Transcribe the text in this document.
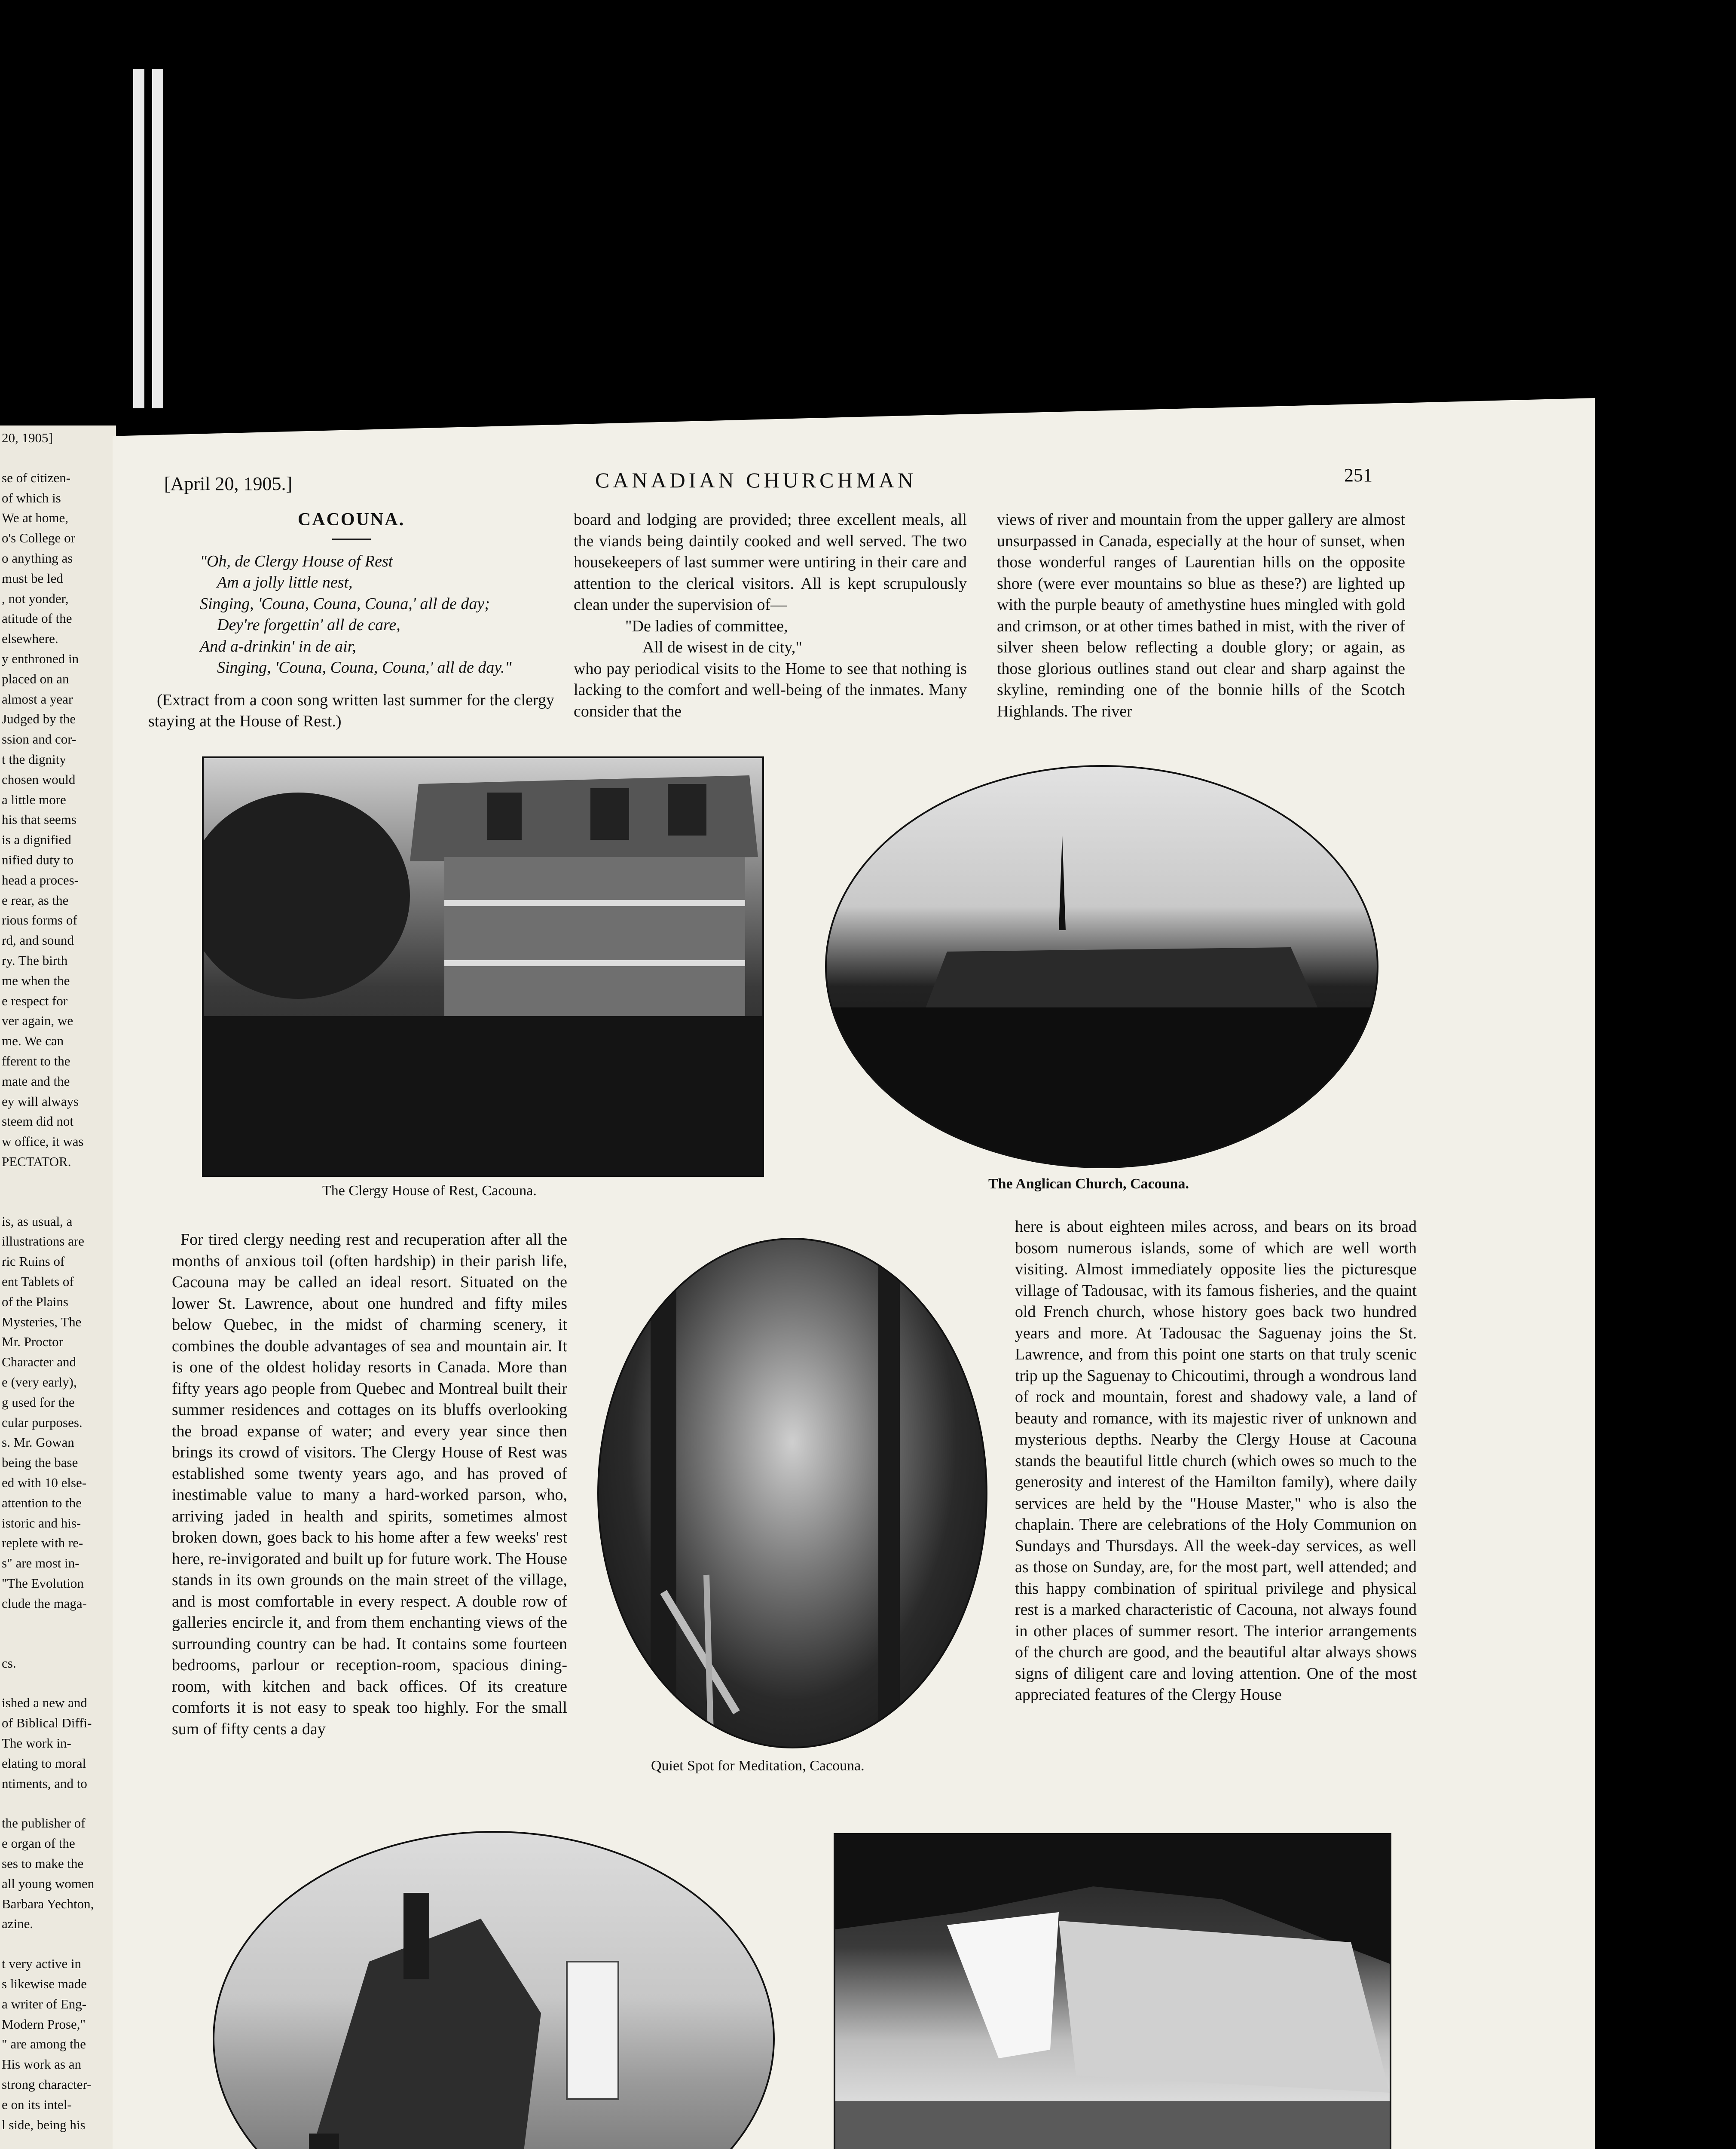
20, 1905]
se of citizen-
of which is
We at home,
o's College or
o anything as
must be led
, not yonder,
atitude of the
elsewhere.
y enthroned in
placed on an
almost a year
Judged by the
ssion and cor-
t the dignity
chosen would
a little more
his that seems
is a dignified
nified duty to
head a proces-
e rear, as the
rious forms of
rd, and sound
ry. The birth
me when the
e respect for
ver again, we
me. We can
fferent to the
mate and the
ey will always
steem did not
w office, it was
PECTATOR.
is, as usual, a
illustrations are
ric Ruins of
ent Tablets of
of the Plains
Mysteries, The
Mr. Proctor
Character and
e (very early),
g used for the
cular purposes.
s. Mr. Gowan
being the base
ed with 10 else-
attention to the
istoric and his-
replete with re-
s" are most in-
"The Evolution
clude the maga-
cs.
ished a new and
of Biblical Diffi-
The work in-
elating to moral
ntiments, and to
the publisher of
e organ of the
ses to make the
all young women
Barbara Yechton,
azine.
t very active in
s likewise made
a writer of Eng-
Modern Prose,"
" are among the
His work as an
strong character-
e on its intel-
l side, being his
[April 20, 1905.]	CANADIAN CHURCHMAN	251
CACOUNA.
"Oh, de Clergy House of Rest
Am a jolly little nest,
Singing, 'Couna, Couna, Couna,' all de day;
Dey're forgettin' all de care,
And a-drinkin' in de air,
Singing, 'Couna, Couna, Couna,' all de day."

(Extract from a coon song written last summer for the clergy staying at the House of Rest.)

board and lodging are provided; three excellent meals, all the viands being daintily cooked and well served. The two housekeepers of last summer were untiring in their care and attention to the clerical visitors. All is kept scrupulously clean under the supervision of—

"De ladies of committee,
All de wisest in de city,"

who pay periodical visits to the Home to see that nothing is lacking to the comfort and well-being of the inmates. Many consider that the

views of river and mountain from the upper gallery are almost unsurpassed in Canada, especially at the hour of sunset, when those wonderful ranges of Laurentian hills on the opposite shore (were ever mountains so blue as these?) are lighted up with the purple beauty of amethystine hues mingled with gold and crimson, or at other times bathed in mist, with the river of silver sheen below reflecting a double glory; or again, as those glorious outlines stand out clear and sharp against the skyline, reminding one of the bonnie hills of the Scotch Highlands. The river

The Clergy House of Rest, Cacouna.	The Anglican Church, Cacouna.

For tired clergy needing rest and recuperation after all the months of anxious toil (often hardship) in their parish life, Cacouna may be called an ideal resort. Situated on the lower St. Lawrence, about one hundred and fifty miles below Quebec, in the midst of charming scenery, it combines the double advantages of sea and mountain air. It is one of the oldest holiday resorts in Canada. More than fifty years ago people from Quebec and Montreal built their summer residences and cottages on its bluffs overlooking the broad expanse of water; and every year since then brings its crowd of visitors. The Clergy House of Rest was established some twenty years ago, and has proved of inestimable value to many a hard-worked parson, who, arriving jaded in health and spirits, sometimes almost broken down, goes back to his home after a few weeks' rest here, re-invigorated and built up for future work. The House stands in its own grounds on the main street of the village, and is most comfortable in every respect. A double row of galleries encircle it, and from them enchanting views of the surrounding country can be had. It contains some fourteen bedrooms, parlour or reception-room, spacious dining-room, with kitchen and back offices. Of its creature comforts it is not easy to speak too highly. For the small sum of fifty cents a day

Quiet Spot for Meditation, Cacouna.

here is about eighteen miles across, and bears on its broad bosom numerous islands, some of which are well worth visiting. Almost immediately opposite lies the picturesque village of Tadousac, with its famous fisheries, and the quaint old French church, whose history goes back two hundred years and more. At Tadousac the Saguenay joins the St. Lawrence, and from this point one starts on that truly scenic trip up the Saguenay to Chicoutimi, through a wondrous land of rock and mountain, forest and shadowy vale, a land of beauty and romance, with its majestic river of unknown and mysterious depths. Nearby the Clergy House at Cacouna stands the beautiful little church (which owes so much to the generosity and interest of the Hamilton family), where daily services are held by the "House Master," who is also the chaplain. There are celebrations of the Holy Communion on Sundays and Thursdays. All the week-day services, as well as those on Sunday, are, for the most part, well attended; and this happy combination of spiritual privilege and physical rest is a marked characteristic of Cacouna, not always found in other places of summer resort. The interior arrangements of the church are good, and the beautiful altar always shows signs of diligent care and loving attention. One of the most appreciated features of the Clergy House
